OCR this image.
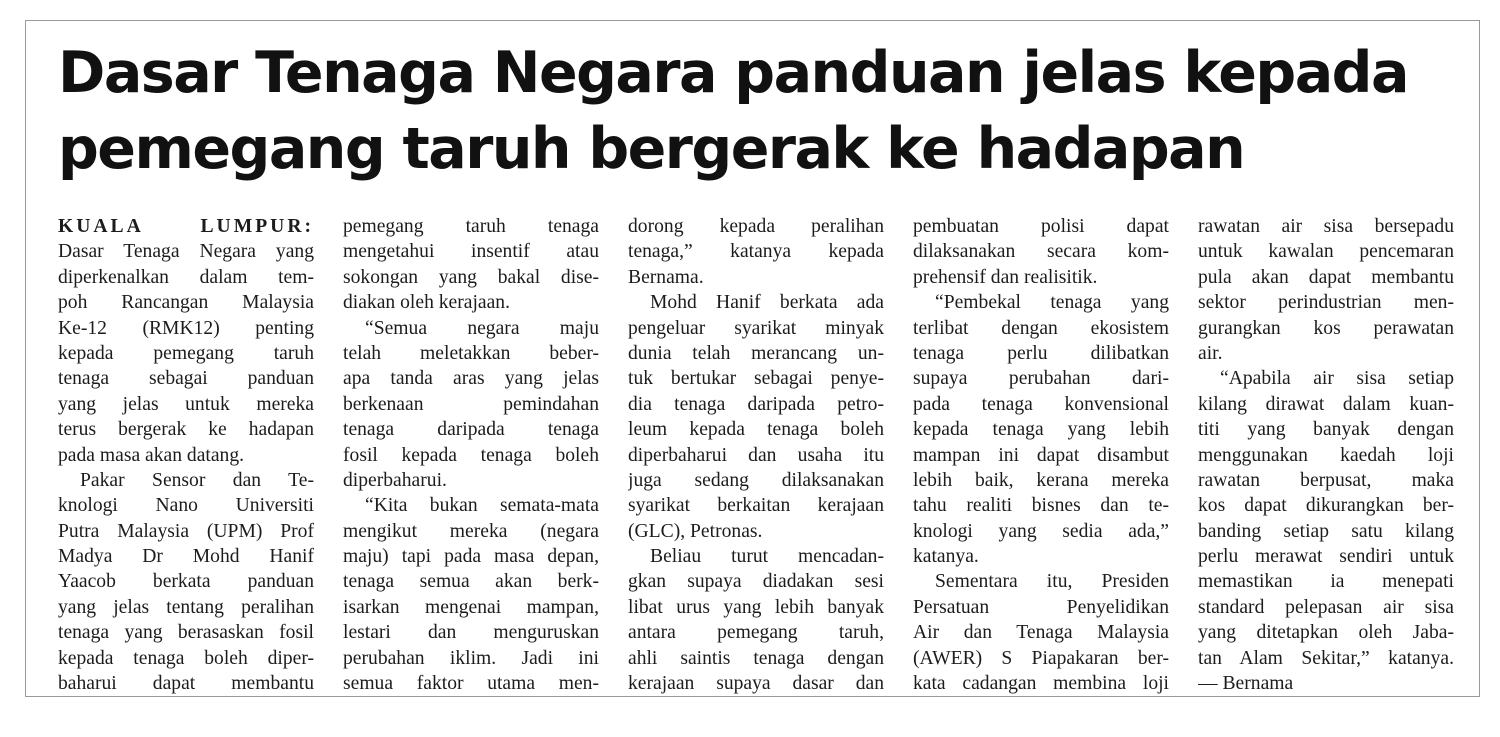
Dasar Tenaga Negara panduan jelas kepada
pemegang taruh bergerak ke hadapan
KUALA LUMPUR:
Dasar Tenaga Negara yang
diperkenalkan dalam tem-
poh Rancangan Malaysia
Ke-12 (RMK12) penting
kepada pemegang taruh
tenaga sebagai panduan
yang jelas untuk mereka
terus bergerak ke hadapan
pada masa akan datang.
Pakar Sensor dan Te-
knologi Nano Universiti
Putra Malaysia (UPM) Prof
Madya Dr Mohd Hanif
Yaacob berkata panduan
yang jelas tentang peralihan
tenaga yang berasaskan fosil
kepada tenaga boleh diper-
baharui dapat membantu
pemegang taruh tenaga
mengetahui insentif atau
sokongan yang bakal dise-
diakan oleh kerajaan.
“Semua negara maju
telah meletakkan beber-
apa tanda aras yang jelas
berkenaan pemindahan
tenaga daripada tenaga
fosil kepada tenaga boleh
diperbaharui.
“Kita bukan semata-mata
mengikut mereka (negara
maju) tapi pada masa depan,
tenaga semua akan berk-
isarkan mengenai mampan,
lestari dan menguruskan
perubahan iklim. Jadi ini
semua faktor utama men-
dorong kepada peralihan
tenaga,” katanya kepada
Bernama.
Mohd Hanif berkata ada
pengeluar syarikat minyak
dunia telah merancang un-
tuk bertukar sebagai penye-
dia tenaga daripada petro-
leum kepada tenaga boleh
diperbaharui dan usaha itu
juga sedang dilaksanakan
syarikat berkaitan kerajaan
(GLC), Petronas.
Beliau turut mencadan-
gkan supaya diadakan sesi
libat urus yang lebih banyak
antara pemegang taruh,
ahli saintis tenaga dengan
kerajaan supaya dasar dan
pembuatan polisi dapat
dilaksanakan secara kom-
prehensif dan realisitik.
“Pembekal tenaga yang
terlibat dengan ekosistem
tenaga perlu dilibatkan
supaya perubahan dari-
pada tenaga konvensional
kepada tenaga yang lebih
mampan ini dapat disambut
lebih baik, kerana mereka
tahu realiti bisnes dan te-
knologi yang sedia ada,”
katanya.
Sementara itu, Presiden
Persatuan Penyelidikan
Air dan Tenaga Malaysia
(AWER) S Piapakaran ber-
kata cadangan membina loji
rawatan air sisa bersepadu
untuk kawalan pencemaran
pula akan dapat membantu
sektor perindustrian men-
gurangkan kos perawatan
air.
“Apabila air sisa setiap
kilang dirawat dalam kuan-
titi yang banyak dengan
menggunakan kaedah loji
rawatan berpusat, maka
kos dapat dikurangkan ber-
banding setiap satu kilang
perlu merawat sendiri untuk
memastikan ia menepati
standard pelepasan air sisa
yang ditetapkan oleh Jaba-
tan Alam Sekitar,” katanya.
— Bernama
